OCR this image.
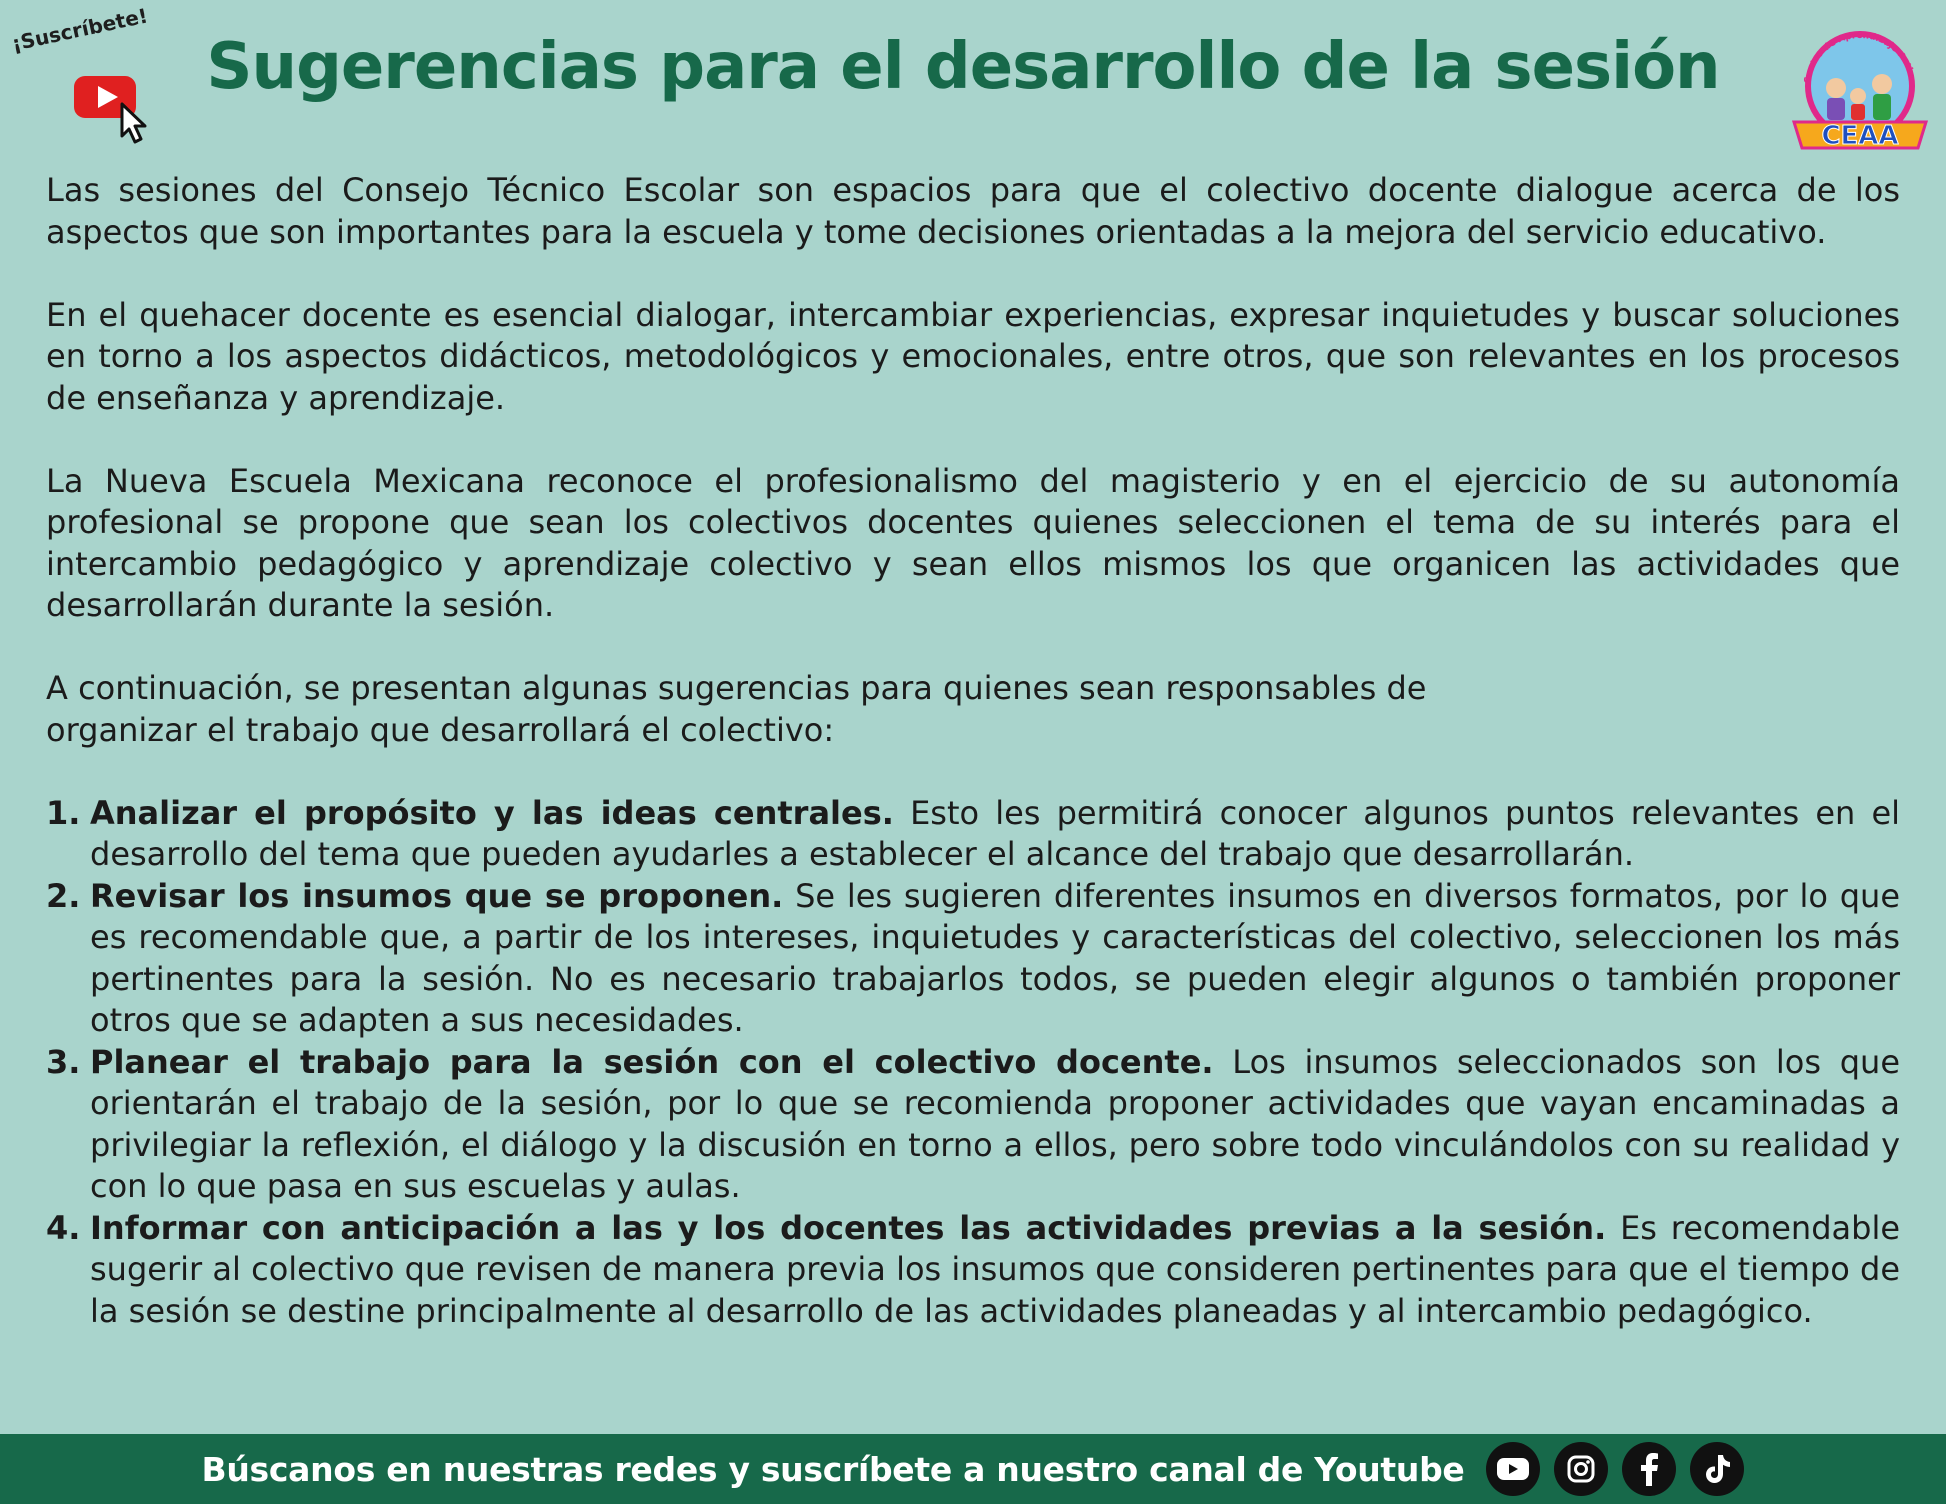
¡Suscríbete!
Sugerencias para el desarrollo de la sesión	Centro de Aprendizaje Activo
CEAA

Las sesiones del Consejo Técnico Escolar son espacios para que el colectivo docente dialogue acerca de los aspectos que son importantes para la escuela y tome decisiones orientadas a la mejora del servicio educativo.

En el quehacer docente es esencial dialogar, intercambiar experiencias, expresar inquietudes y buscar soluciones en torno a los aspectos didácticos, metodológicos y emocionales, entre otros, que son relevantes en los procesos de enseñanza y aprendizaje.

La Nueva Escuela Mexicana reconoce el profesionalismo del magisterio y en el ejercicio de su autonomía profesional se propone que sean los colectivos docentes quienes seleccionen el tema de su interés para el intercambio pedagógico y aprendizaje colectivo y sean ellos mismos los que organicen las actividades que desarrollarán durante la sesión.

A continuación, se presentan algunas sugerencias para quienes sean responsables de
organizar el trabajo que desarrollará el colectivo:

1. Analizar el propósito y las ideas centrales. Esto les permitirá conocer algunos puntos relevantes en el desarrollo del tema que pueden ayudarles a establecer el alcance del trabajo que desarrollarán.
2. Revisar los insumos que se proponen. Se les sugieren diferentes insumos en diversos formatos, por lo que es recomendable que, a partir de los intereses, inquietudes y características del colectivo, seleccionen los más pertinentes para la sesión. No es necesario trabajarlos todos, se pueden elegir algunos o también proponer otros que se adapten a sus necesidades.
3. Planear el trabajo para la sesión con el colectivo docente. Los insumos seleccionados son los que orientarán el trabajo de la sesión, por lo que se recomienda proponer actividades que vayan encaminadas a privilegiar la reflexión, el diálogo y la discusión en torno a ellos, pero sobre todo vinculándolos con su realidad y con lo que pasa en sus escuelas y aulas.
4. Informar con anticipación a las y los docentes las actividades previas a la sesión. Es recomendable sugerir al colectivo que revisen de manera previa los insumos que consideren pertinentes para que el tiempo de la sesión se destine principalmente al desarrollo de las actividades planeadas y al intercambio pedagógico.
Búscanos en nuestras redes y suscríbete a nuestro canal de Youtube
